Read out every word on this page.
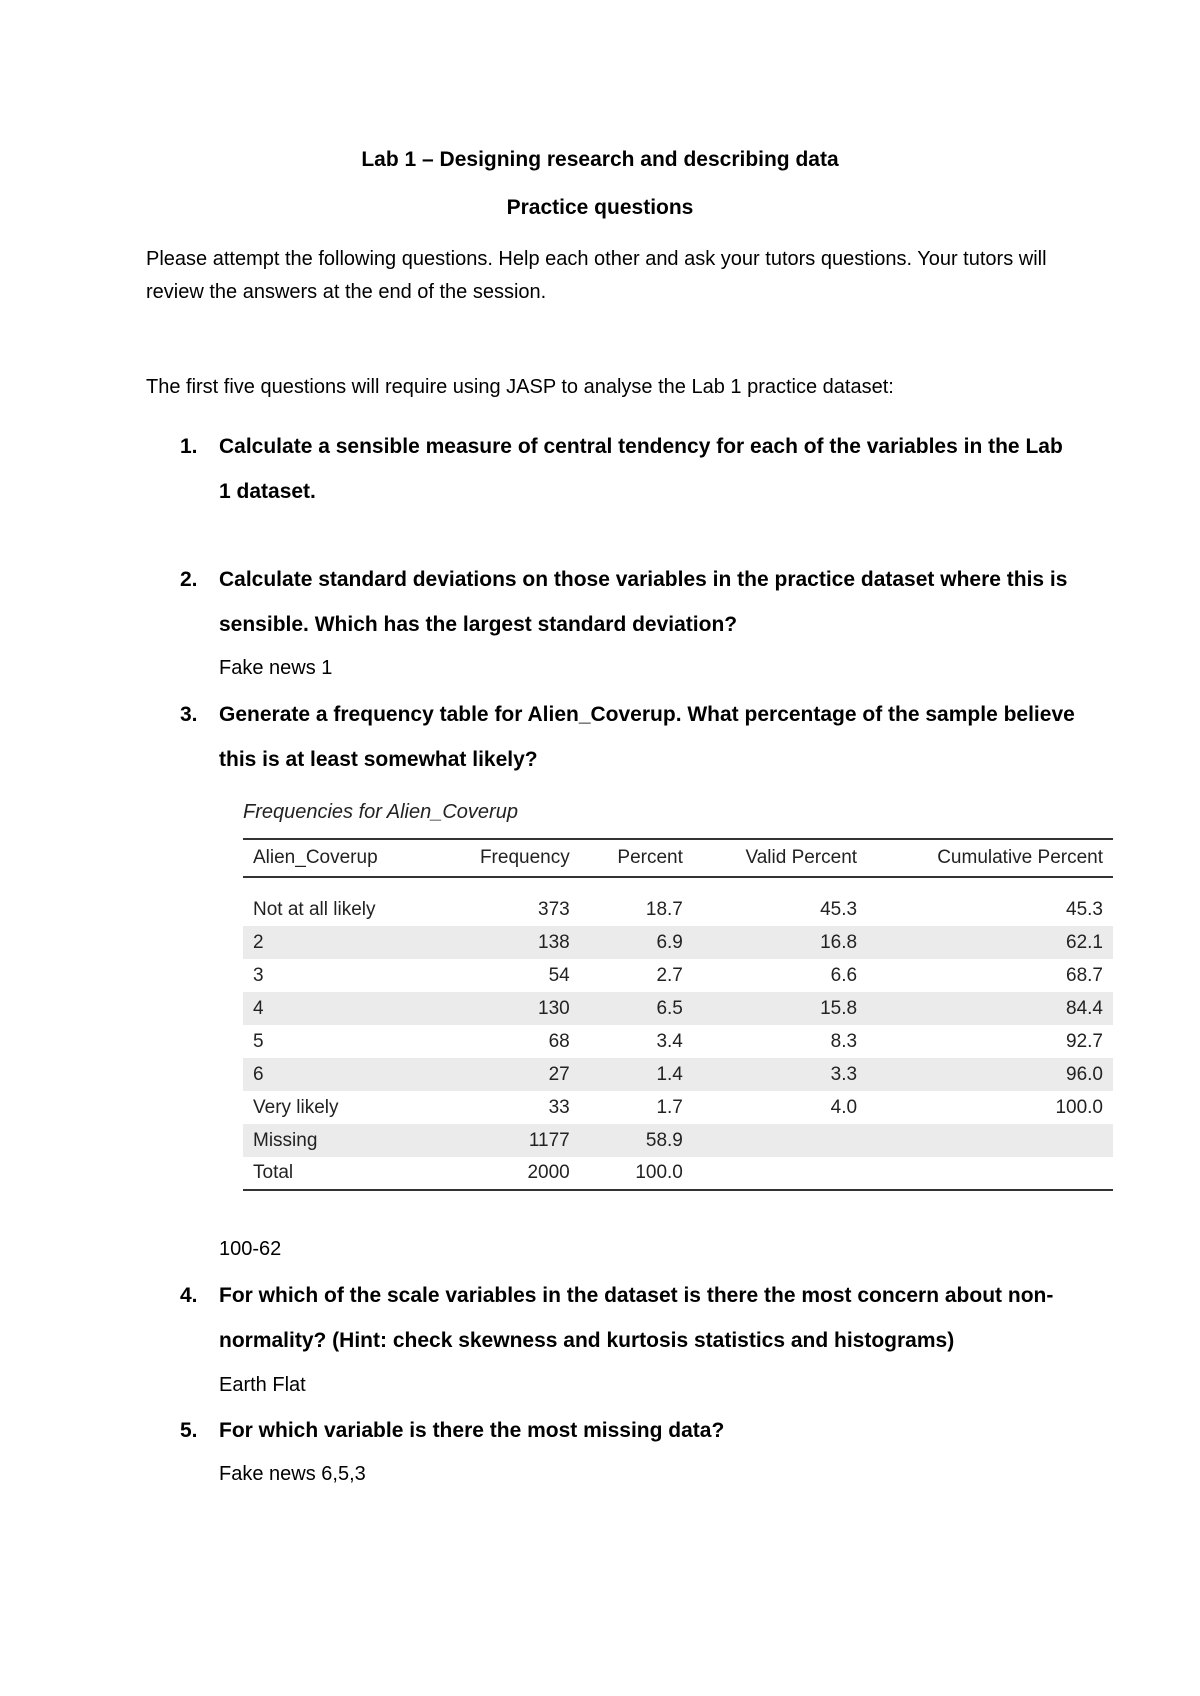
Lab 1 – Designing research and describing data
Practice questions
Please attempt the following questions. Help each other and ask your tutors questions. Your tutors will review the answers at the end of the session.
The first five questions will require using JASP to analyse the Lab 1 practice dataset:
1. Calculate a sensible measure of central tendency for each of the variables in the Lab 1 dataset.
2. Calculate standard deviations on those variables in the practice dataset where this is sensible. Which has the largest standard deviation?
Fake news 1
3. Generate a frequency table for Alien_Coverup. What percentage of the sample believe this is at least somewhat likely?
Frequencies for Alien_Coverup
Alien_Coverup	Frequency	Percent	Valid Percent	Cumulative Percent

Not at all likely	373	18.7	45.3	45.3
2	138	6.9	16.8	62.1
3	54	2.7	6.6	68.7
4	130	6.5	15.8	84.4
5	68	3.4	8.3	92.7
6	27	1.4	3.3	96.0
Very likely	33	1.7	4.0	100.0
Missing	1177	58.9		
Total	2000	100.0		
100-62
4. For which of the scale variables in the dataset is there the most concern about non-normality? (Hint: check skewness and kurtosis statistics and histograms)
Earth Flat
5. For which variable is there the most missing data?
Fake news 6,5,3
